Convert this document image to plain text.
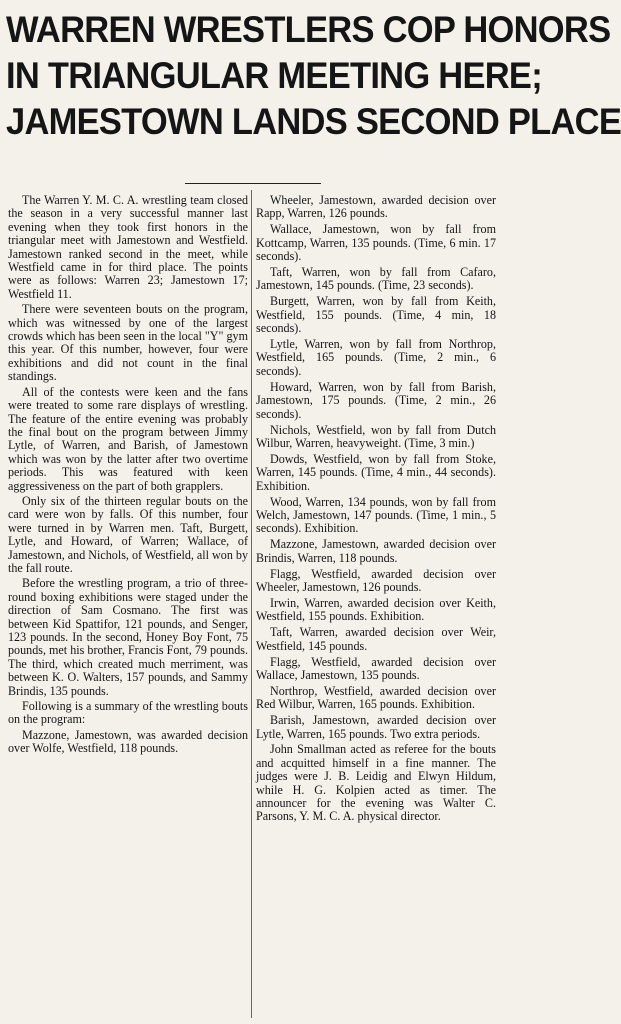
WARREN WRESTLERS COP HONORS
IN TRIANGULAR MEETING HERE;
JAMESTOWN LANDS SECOND PLACE

The Warren Y. M. C. A. wrestling team closed the season in a very successful manner last evening when they took first honors in the triangular meet with Jamestown and Westfield. Jamestown ranked second in the meet, while Westfield came in for third place. The points were as follows: Warren 23; Jamestown 17; Westfield 11.

There were seventeen bouts on the program, which was witnessed by one of the largest crowds which has been seen in the local "Y" gym this year. Of this number, however, four were exhibitions and did not count in the final standings.

All of the contests were keen and the fans were treated to some rare displays of wrestling. The feature of the entire evening was probably the final bout on the program between Jimmy Lytle, of Warren, and Barish, of Jamestown which was won by the latter after two overtime periods. This was featured with keen aggressiveness on the part of both grapplers.

Only six of the thirteen regular bouts on the card were won by falls. Of this number, four were turned in by Warren men. Taft, Burgett, Lytle, and Howard, of Warren; Wallace, of Jamestown, and Nichols, of Westfield, all won by the fall route.

Before the wrestling program, a trio of three-round boxing exhibitions were staged under the direction of Sam Cosmano. The first was between Kid Spattifor, 121 pounds, and Senger, 123 pounds. In the second, Honey Boy Font, 75 pounds, met his brother, Francis Font, 79 pounds. The third, which created much merriment, was between K. O. Walters, 157 pounds, and Sammy Brindis, 135 pounds.

Following is a summary of the wrestling bouts on the program:

Mazzone, Jamestown, was awarded decision over Wolfe, Westfield, 118 pounds.

Wheeler, Jamestown, awarded decision over Rapp, Warren, 126 pounds.

Wallace, Jamestown, won by fall from Kottcamp, Warren, 135 pounds. (Time, 6 min. 17 seconds).

Taft, Warren, won by fall from Cafaro, Jamestown, 145 pounds. (Time, 23 seconds).

Burgett, Warren, won by fall from Keith, Westfield, 155 pounds. (Time, 4 min, 18 seconds).

Lytle, Warren, won by fall from Northrop, Westfield, 165 pounds. (Time, 2 min., 6 seconds).

Howard, Warren, won by fall from Barish, Jamestown, 175 pounds. (Time, 2 min., 26 seconds).

Nichols, Westfield, won by fall from Dutch Wilbur, Warren, heavyweight. (Time, 3 min.)

Dowds, Westfield, won by fall from Stoke, Warren, 145 pounds. (Time, 4 min., 44 seconds). Exhibition.

Wood, Warren, 134 pounds, won by fall from Welch, Jamestown, 147 pounds. (Time, 1 min., 5 seconds). Exhibition.

Mazzone, Jamestown, awarded decision over Brindis, Warren, 118 pounds.

Flagg, Westfield, awarded decision over Wheeler, Jamestown, 126 pounds.

Irwin, Warren, awarded decision over Keith, Westfield, 155 pounds. Exhibition.

Taft, Warren, awarded decision over Weir, Westfield, 145 pounds.

Flagg, Westfield, awarded decision over Wallace, Jamestown, 135 pounds.

Northrop, Westfield, awarded decision over Red Wilbur, Warren, 165 pounds. Exhibition.

Barish, Jamestown, awarded decision over Lytle, Warren, 165 pounds. Two extra periods.

John Smallman acted as referee for the bouts and acquitted himself in a fine manner. The judges were J. B. Leidig and Elwyn Hildum, while H. G. Kolpien acted as timer. The announcer for the evening was Walter C. Parsons, Y. M. C. A. physical director.
